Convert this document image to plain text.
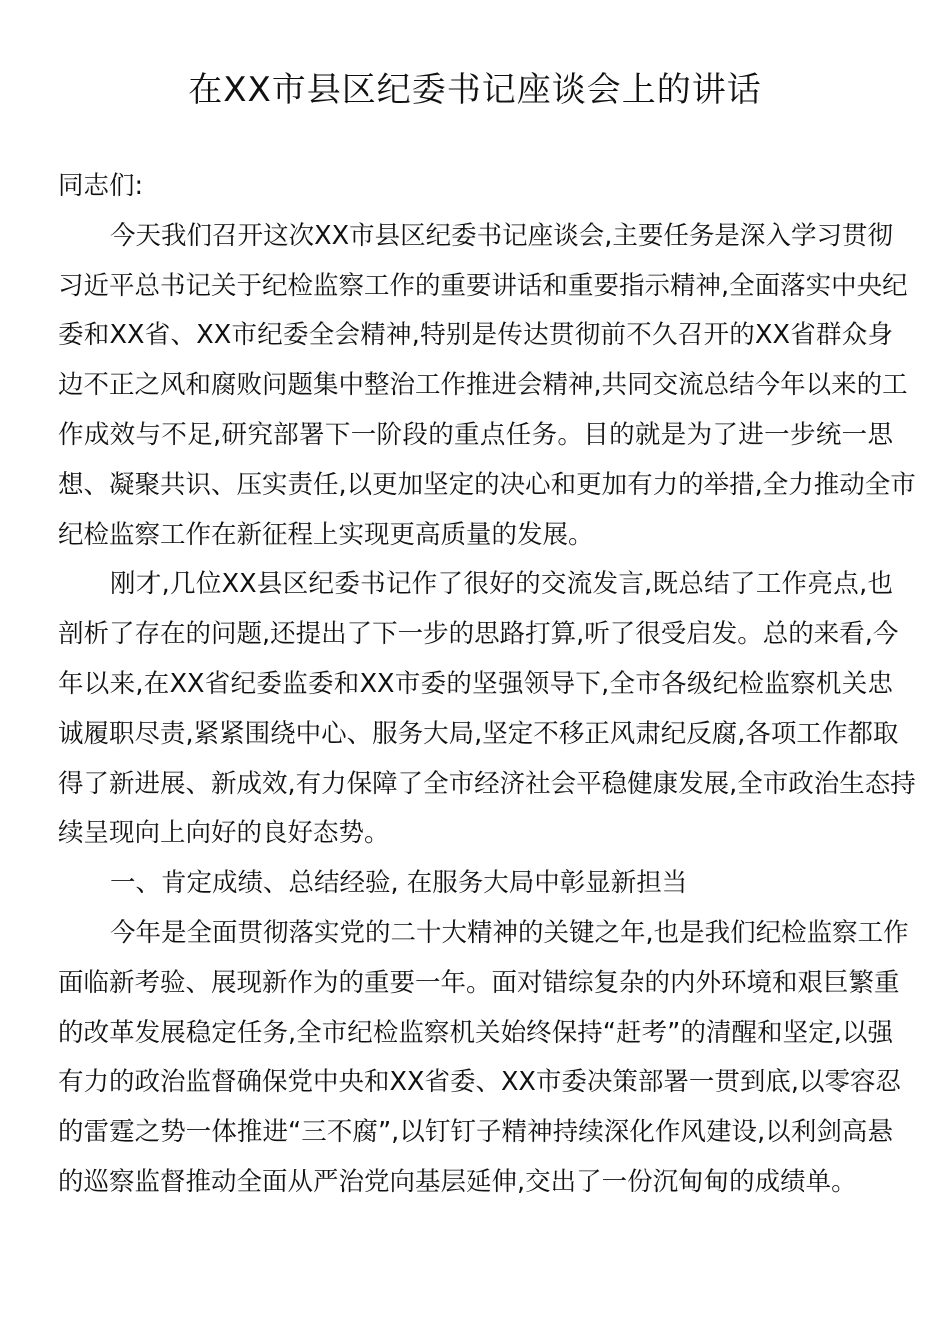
在XX市县区纪委书记座谈会上的讲话
同志们:
今天我们召开这次XX市县区纪委书记座谈会,主要任务是深入学习贯彻
习近平总书记关于纪检监察工作的重要讲话和重要指示精神,全面落实中央纪
委和XX省、XX市纪委全会精神,特别是传达贯彻前不久召开的XX省群众身
边不正之风和腐败问题集中整治工作推进会精神,共同交流总结今年以来的工
作成效与不足,研究部署下一阶段的重点任务。目的就是为了进一步统一思
想、凝聚共识、压实责任,以更加坚定的决心和更加有力的举措,全力推动全市
纪检监察工作在新征程上实现更高质量的发展。
刚才,几位XX县区纪委书记作了很好的交流发言,既总结了工作亮点,也
剖析了存在的问题,还提出了下一步的思路打算,听了很受启发。总的来看,今
年以来,在XX省纪委监委和XX市委的坚强领导下,全市各级纪检监察机关忠
诚履职尽责,紧紧围绕中心、服务大局,坚定不移正风肃纪反腐,各项工作都取
得了新进展、新成效,有力保障了全市经济社会平稳健康发展,全市政治生态持
续呈现向上向好的良好态势。
一、肯定成绩、总结经验, 在服务大局中彰显新担当
今年是全面贯彻落实党的二十大精神的关键之年,也是我们纪检监察工作
面临新考验、展现新作为的重要一年。面对错综复杂的内外环境和艰巨繁重
的改革发展稳定任务,全市纪检监察机关始终保持“赶考”的清醒和坚定,以强
有力的政治监督确保党中央和XX省委、XX市委决策部署一贯到底,以零容忍
的雷霆之势一体推进“三不腐”,以钉钉子精神持续深化作风建设,以利剑高悬
的巡察监督推动全面从严治党向基层延伸,交出了一份沉甸甸的成绩单。
